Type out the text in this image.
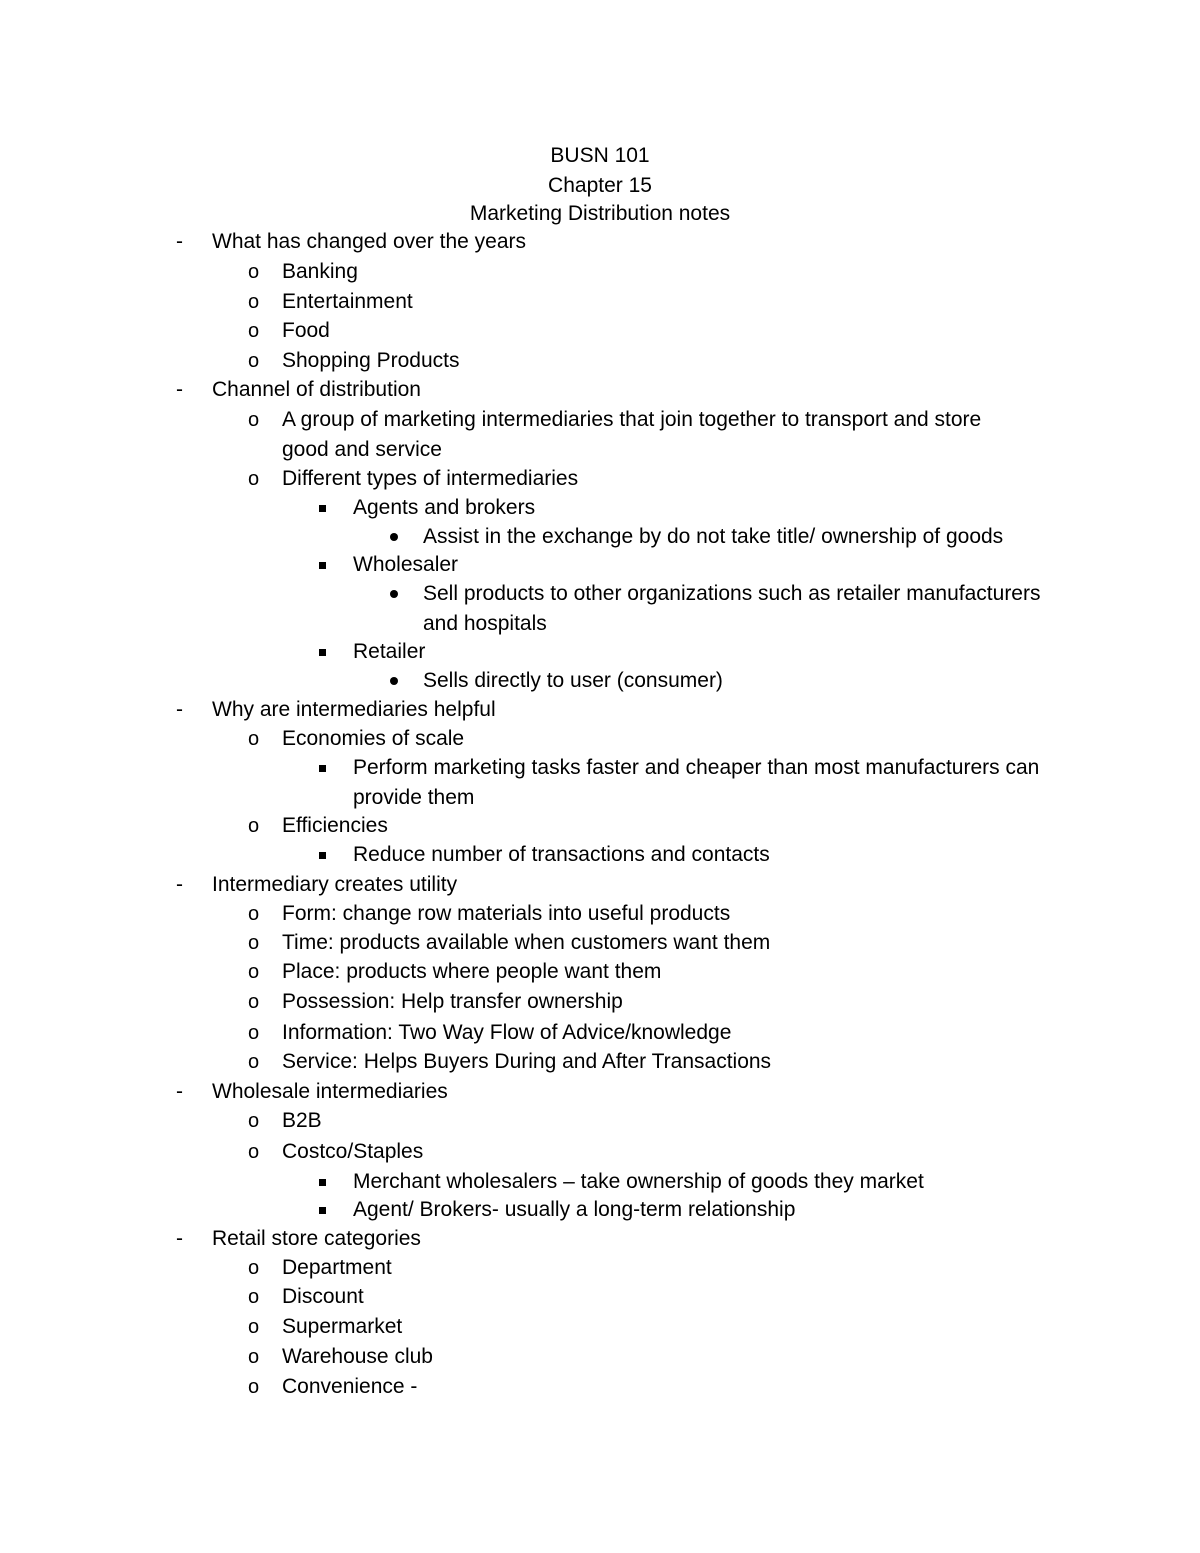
BUSN 101
Chapter 15
Marketing Distribution notes
- What has changed over the years
o Banking
o Entertainment
o Food
o Shopping Products
- Channel of distribution
o A group of marketing intermediaries that join together to transport and store
good and service
o Different types of intermediaries
Agents and brokers
Assist in the exchange by do not take title/ ownership of goods
Wholesaler
Sell products to other organizations such as retailer manufacturers
and hospitals
Retailer
Sells directly to user (consumer)
- Why are intermediaries helpful
o Economies of scale
Perform marketing tasks faster and cheaper than most manufacturers can
provide them
o Efficiencies
Reduce number of transactions and contacts
- Intermediary creates utility
o Form: change row materials into useful products
o Time: products available when customers want them
o Place: products where people want them
o Possession: Help transfer ownership
o Information: Two Way Flow of Advice/knowledge
o Service: Helps Buyers During and After Transactions
- Wholesale intermediaries
o B2B
o Costco/Staples
Merchant wholesalers – take ownership of goods they market
Agent/ Brokers- usually a long-term relationship
- Retail store categories
o Department
o Discount
o Supermarket
o Warehouse club
o Convenience -
